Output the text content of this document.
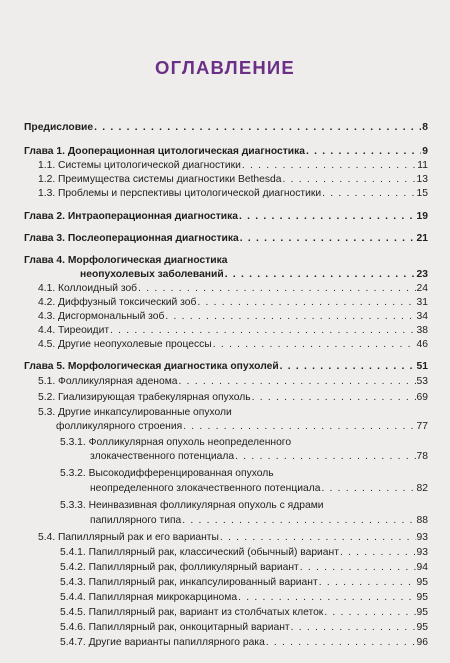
ОГЛАВЛЕНИЕ
Предисловие . . .	8
Глава 1. Дооперационная цитологическая диагностика . . .	9
1.1. Системы цитологической диагностики . . .	11
1.2. Преимущества системы диагностики Bethesda . . .	13
1.3. Проблемы и перспективы цитологической диагностики . . .	15
Глава 2. Интраоперационная диагностика . . .	19
Глава 3. Послеоперационная диагностика . . .	21
Глава 4. Морфологическая диагностика
неопухолевых заболеваний . . .	23
4.1. Коллоидный зоб . . .	24
4.2. Диффузный токсический зоб . . .	31
4.3. Дисгормональный зоб . . .	34
4.4. Тиреоидит . . .	38
4.5. Другие неопухолевые процессы . . .	46
Глава 5. Морфологическая диагностика опухолей . . .	51
5.1. Фолликулярная аденома . . .	53
5.2. Гиализирующая трабекулярная опухоль . . .	69
5.3. Другие инкапсулированные опухоли
фолликулярного строения . . .	77
5.3.1. Фолликулярная опухоль неопределенного
злокачественного потенциала . . .	78
5.3.2. Высокодифференцированная опухоль
неопределенного злокачественного потенциала . . .	82
5.3.3. Неинвазивная фолликулярная опухоль с ядрами
папиллярного типа . . .	88
5.4. Папиллярный рак и его варианты . . .	93
5.4.1. Папиллярный рак, классический (обычный) вариант . . .	93
5.4.2. Папиллярный рак, фолликулярный вариант . . .	94
5.4.3. Папиллярный рак, инкапсулированный вариант . . .	95
5.4.4. Папиллярная микрокарцинома . . .	95
5.4.5. Папиллярный рак, вариант из столбчатых клеток . . .	95
5.4.6. Папиллярный рак, онкоцитарный вариант . . .	95
5.4.7. Другие варианты папиллярного рака . . .	96
